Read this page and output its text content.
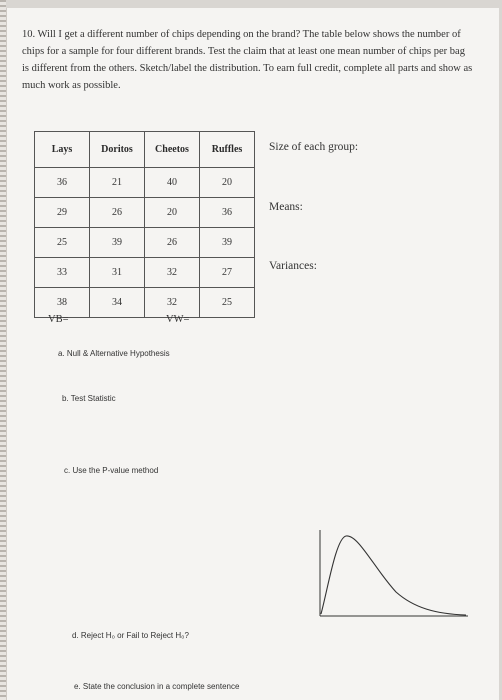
10. Will I get a different number of chips depending on the brand? The table below shows the number of chips for a sample for four different brands. Test the claim that at least one mean number of chips per bag is different from the others. Sketch/label the distribution. To earn full credit, complete all parts and show as much work as possible.
Lays	Doritos	Cheetos	Ruffles
36	21	40	20
29	26	20	36
25	39	26	39
33	31	32	27
38	34	32	25
Size of each group:
Means:
Variances:
VB=	VW=
a. Null & Alternative Hypothesis
b. Test Statistic
c. Use the P-value method
d. Reject H₀ or Fail to Reject H₀?
e. State the conclusion in a complete sentence
